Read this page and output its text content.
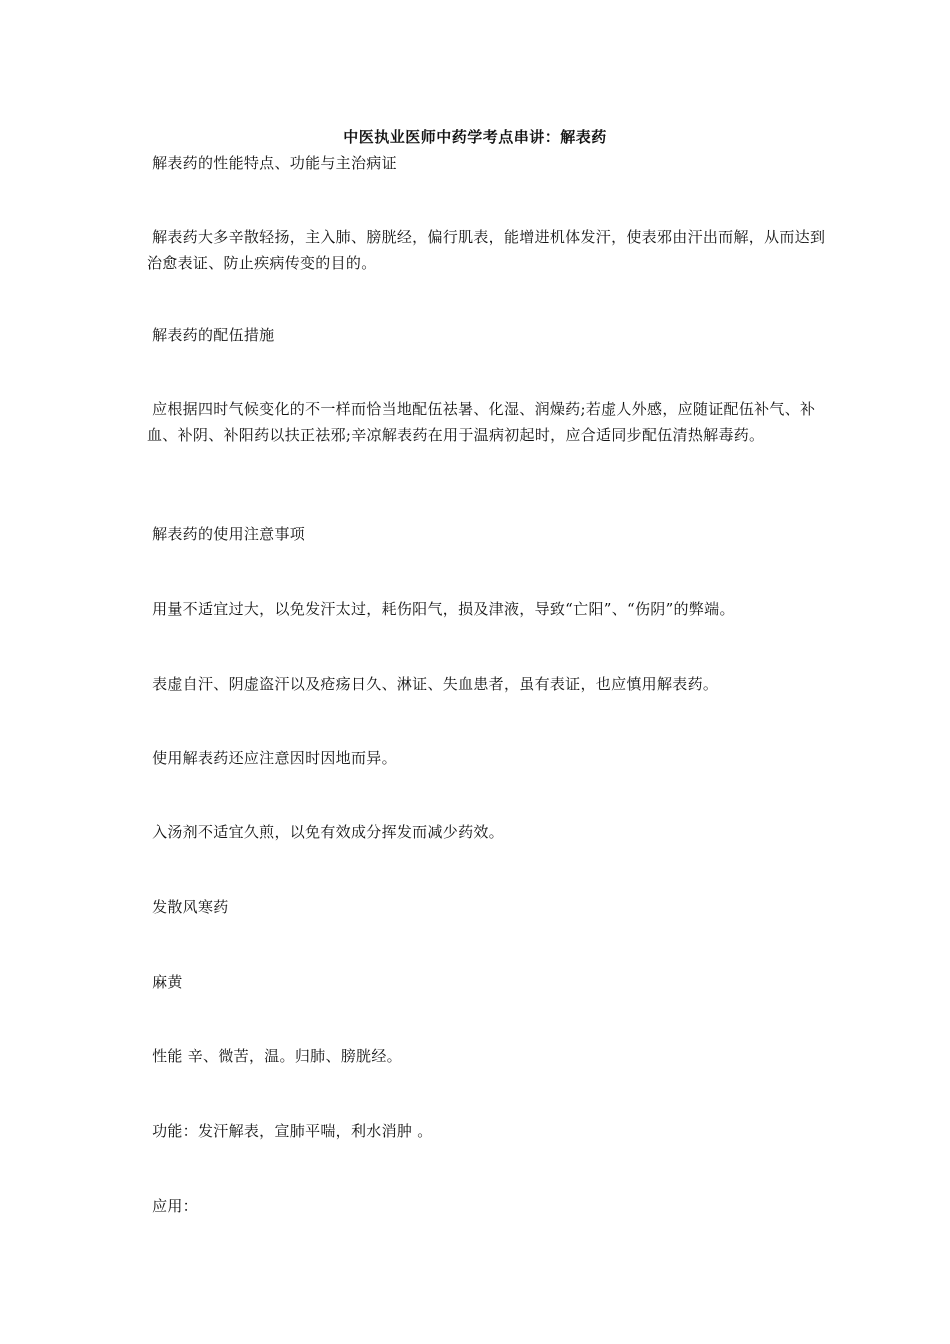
中医执业医师中药学考点串讲：解表药
解表药的性能特点、功能与主治病证
解表药大多辛散轻扬，主入肺、膀胱经，偏行肌表，能增进机体发汗，使表邪由汗出而解，从而达到治愈表证、防止疾病传变的目的。
解表药的配伍措施
应根据四时气候变化的不一样而恰当地配伍祛暑、化湿、润燥药;若虚人外感，应随证配伍补气、补血、补阴、补阳药以扶正祛邪;辛凉解表药在用于温病初起时，应合适同步配伍清热解毒药。
解表药的使用注意事项
用量不适宜过大，以免发汗太过，耗伤阳气，损及津液，导致“亡阳”、“伤阴”的弊端。
表虚自汗、阴虚盗汗以及疮疡日久、淋证、失血患者，虽有表证，也应慎用解表药。
使用解表药还应注意因时因地而异。
入汤剂不适宜久煎，以免有效成分挥发而减少药效。
发散风寒药
麻黄
性能 辛、微苦，温。归肺、膀胱经。
功能：发汗解表，宣肺平喘，利水消肿 。
应用：
